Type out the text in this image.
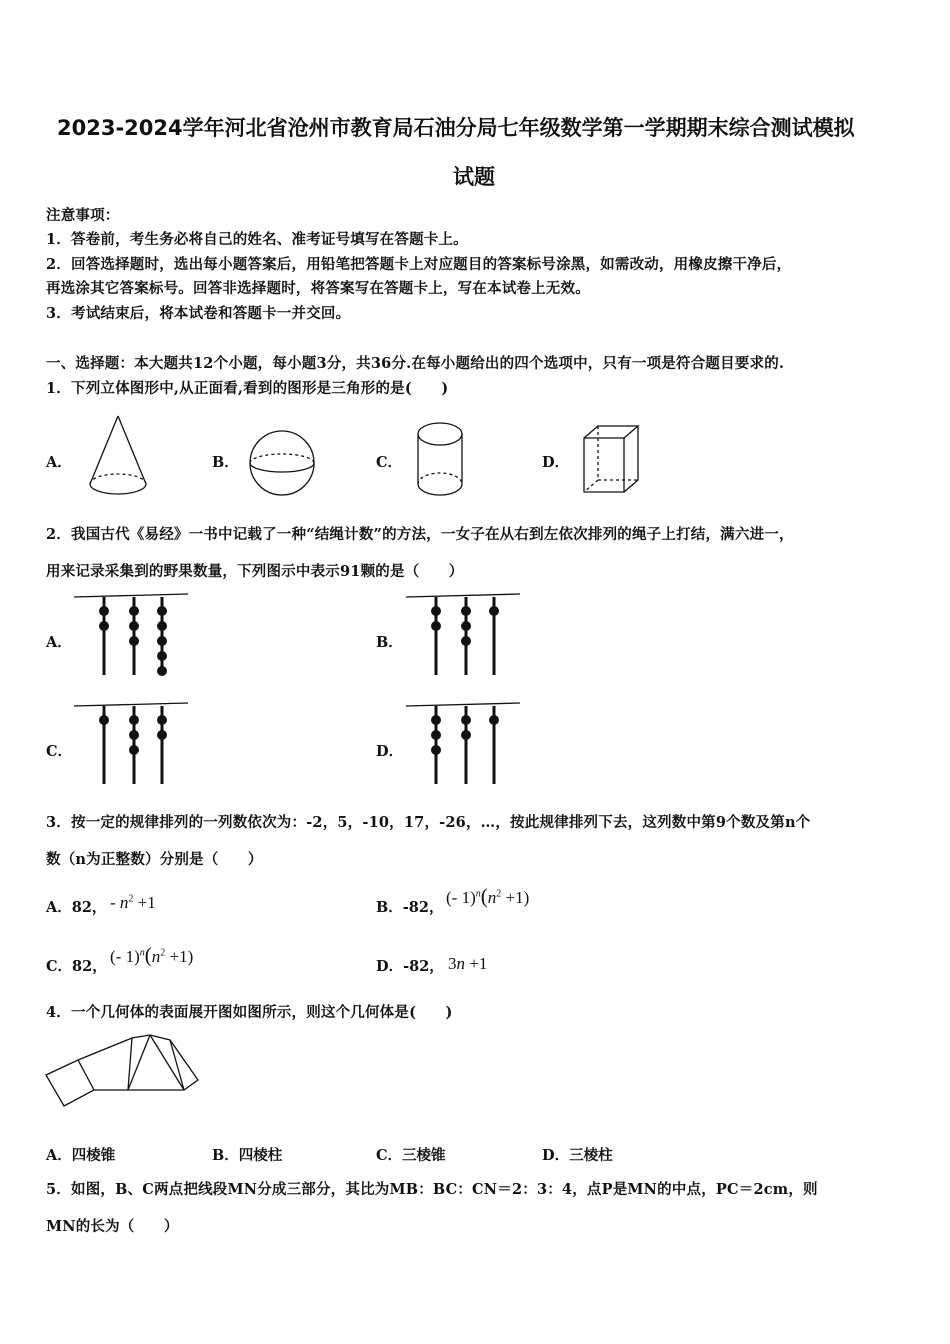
2023-2024学年河北省沧州市教育局石油分局七年级数学第一学期期末综合测试模拟
试题
注意事项：
1．答卷前，考生务必将自己的姓名、准考证号填写在答题卡上。
2．回答选择题时，选出每小题答案后，用铅笔把答题卡上对应题目的答案标号涂黑，如需改动，用橡皮擦干净后，
再选涂其它答案标号。回答非选择题时，将答案写在答题卡上，写在本试卷上无效。
3．考试结束后，将本试卷和答题卡一并交回。
一、选择题：本大题共12个小题，每小题3分，共36分.在每小题给出的四个选项中，只有一项是符合题目要求的.
1．下列立体图形中,从正面看,看到的图形是三角形的是(　　)
A．	B．	C．	D．
2．我国古代《易经》一书中记载了一种“结绳计数”的方法，一女子在从右到左依次排列的绳子上打结，满六进一，
用来记录采集到的野果数量，下列图示中表示91颗的是（　　）
A．	B．
C．	D．
3．按一定的规律排列的一列数依次为：-2，5，-10，17，-26，…，按此规律排列下去，这列数中第9个数及第n个
数（n为正整数）分别是（　　）
A．82， - $n^2 +1$	B．-82，
(- $1)^n(n^2 +1)$
C．82，
(- $1)^n(n^2 +1)$
D．-82， 3n +1
4．一个几何体的表面展开图如图所示，则这个几何体是(　　)
A．四棱锥	B．四棱柱	C．三棱锥	D．三棱柱
5．如图，B、C两点把线段MN分成三部分，其比为MB：BC：CN＝2：3：4，点P是MN的中点，PC＝2cm，则
MN的长为（　　）
